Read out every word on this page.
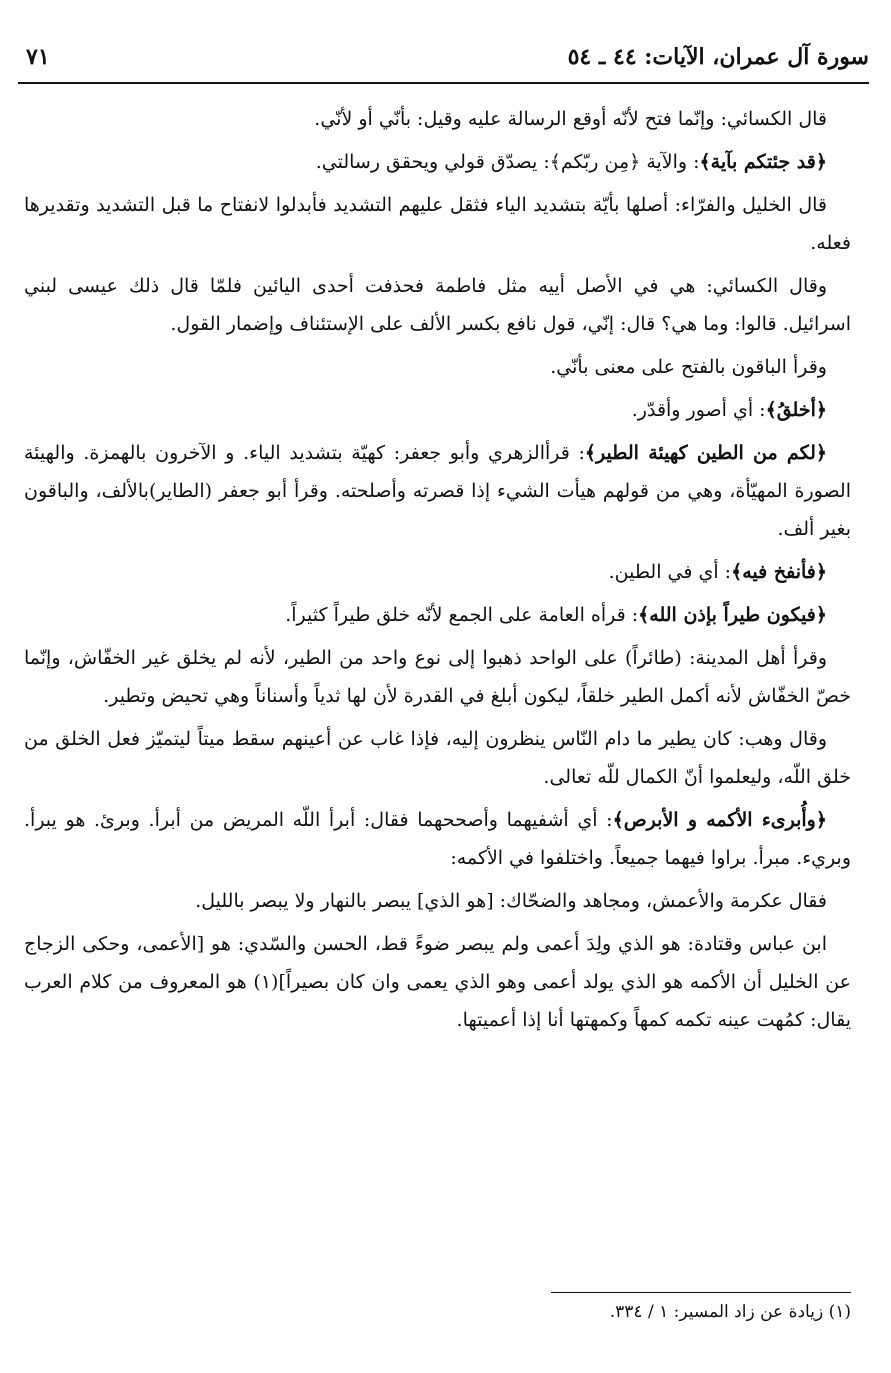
سورة آل عمران، الآيات: ٤٤ ـ ٥٤
٧١

قال الكسائي: وإنّما فتح لأنّه أوقع الرسالة عليه وقيل: بأنّي أو لأنّي.

﴿قد جئتكم بآية﴾: والآية ﴿مِن ربّكم﴾: يصدّق قولي ويحقق رسالتي.

قال الخليل والفرّاء: أصلها بأيّة بتشديد الياء فثقل عليهم التشديد فأبدلوا لانفتاح ما قبل التشديد وتقديرها فعله.

وقال الكسائي: هي في الأصل أييه مثل فاطمة فحذفت أحدى اليائين فلمّا قال ذلك عيسى لبني اسرائيل. قالوا: وما هي؟ قال: إنّي، قول نافع بكسر الألف على الإستئناف وإضمار القول.

وقرأ الباقون بالفتح على معنى بأنّي.

﴿أخلقُ﴾: أي أصور وأقدّر.

﴿لكم من الطين كهيئة الطير﴾: قرأالزهري وأبو جعفر: كهيّة بتشديد الياء. و الآخرون بالهمزة. والهيئة الصورة المهيّأة، وهي من قولهم هيأت الشيء إذا قصرته وأصلحته. وقرأ أبو جعفر (الطاير)بالألف، والباقون بغير ألف.

﴿فأنفخ فيه﴾: أي في الطين.

﴿فيكون طيراً بإذن الله﴾: قرأه العامة على الجمع لأنّه خلق طيراً كثيراً.

وقرأ أهل المدينة: (طائراً) على الواحد ذهبوا إلى نوع واحد من الطير، لأنه لم يخلق غير الخفّاش، وإنّما خصّ الخفّاش لأنه أكمل الطير خلقاً، ليكون أبلغ في القدرة لأن لها ثدياً وأسناناً وهي تحيض وتطير.

وقال وهب: كان يطير ما دام النّاس ينظرون إليه، فإذا غاب عن أعينهم سقط ميتاً ليتميّز فعل الخلق من خلق اللّه، وليعلموا أنّ الكمال للّه تعالى.

﴿وأُبرىء الأكمه و الأبرص﴾: أي أشفيهما وأصححهما فقال: أبرأ اللّه المريض من أبرأ. وبرئ. هو يبرأ. وبريء. مبرأ. براوا فيهما جميعاً. واختلفوا في الأكمه:

فقال عكرمة والأعمش، ومجاهد والضحّاك: [هو الذي] يبصر بالنهار ولا يبصر بالليل.

ابن عباس وقتادة: هو الذي ولِدَ أعمى ولم يبصر ضوءً قط، الحسن والسّدي: هو [الأعمى، وحكى الزجاج عن الخليل أن الأكمه هو الذي يولد أعمى وهو الذي يعمى وان كان بصيراً](١) هو المعروف من كلام العرب يقال: كمُهت عينه تكمه كمهاً وكمهتها أنا إذا أعميتها.

(١) زيادة عن زاد المسير: ١ / ٣٣٤.
